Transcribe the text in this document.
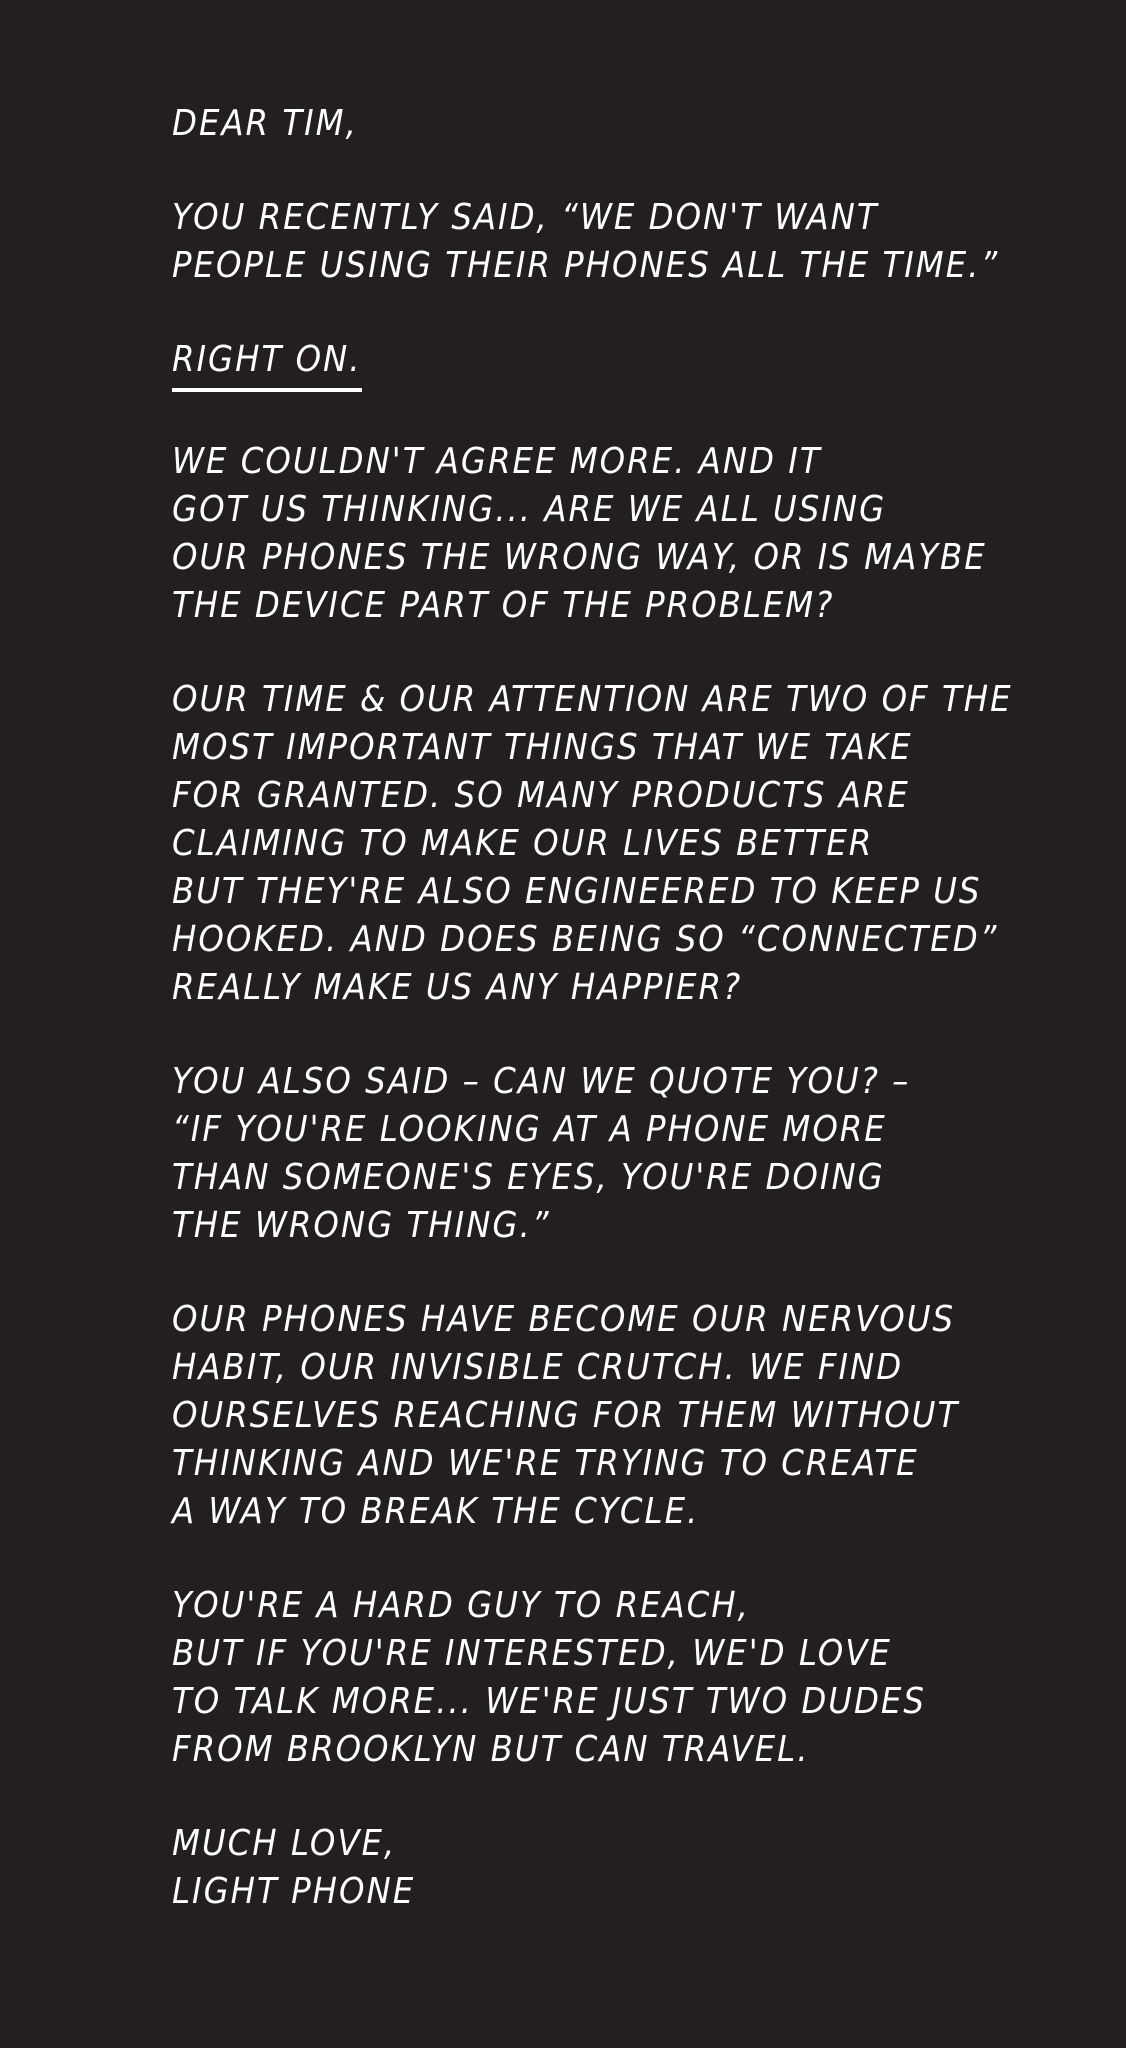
DEAR TIM,
YOU RECENTLY SAID, “WE DON'T WANT
PEOPLE USING THEIR PHONES ALL THE TIME.”
RIGHT ON.
WE COULDN'T AGREE MORE. AND IT
GOT US THINKING... ARE WE ALL USING
OUR PHONES THE WRONG WAY, OR IS MAYBE
THE DEVICE PART OF THE PROBLEM?
OUR TIME & OUR ATTENTION ARE TWO OF THE
MOST IMPORTANT THINGS THAT WE TAKE
FOR GRANTED. SO MANY PRODUCTS ARE
CLAIMING TO MAKE OUR LIVES BETTER
BUT THEY'RE ALSO ENGINEERED TO KEEP US
HOOKED. AND DOES BEING SO “CONNECTED”
REALLY MAKE US ANY HAPPIER?
YOU ALSO SAID – CAN WE QUOTE YOU? –
“IF YOU'RE LOOKING AT A PHONE MORE
THAN SOMEONE'S EYES, YOU'RE DOING
THE WRONG THING.”
OUR PHONES HAVE BECOME OUR NERVOUS
HABIT, OUR INVISIBLE CRUTCH. WE FIND
OURSELVES REACHING FOR THEM WITHOUT
THINKING AND WE'RE TRYING TO CREATE
A WAY TO BREAK THE CYCLE.
YOU'RE A HARD GUY TO REACH,
BUT IF YOU'RE INTERESTED, WE'D LOVE
TO TALK MORE... WE'RE JUST TWO DUDES
FROM BROOKLYN BUT CAN TRAVEL.
MUCH LOVE,
LIGHT PHONE
